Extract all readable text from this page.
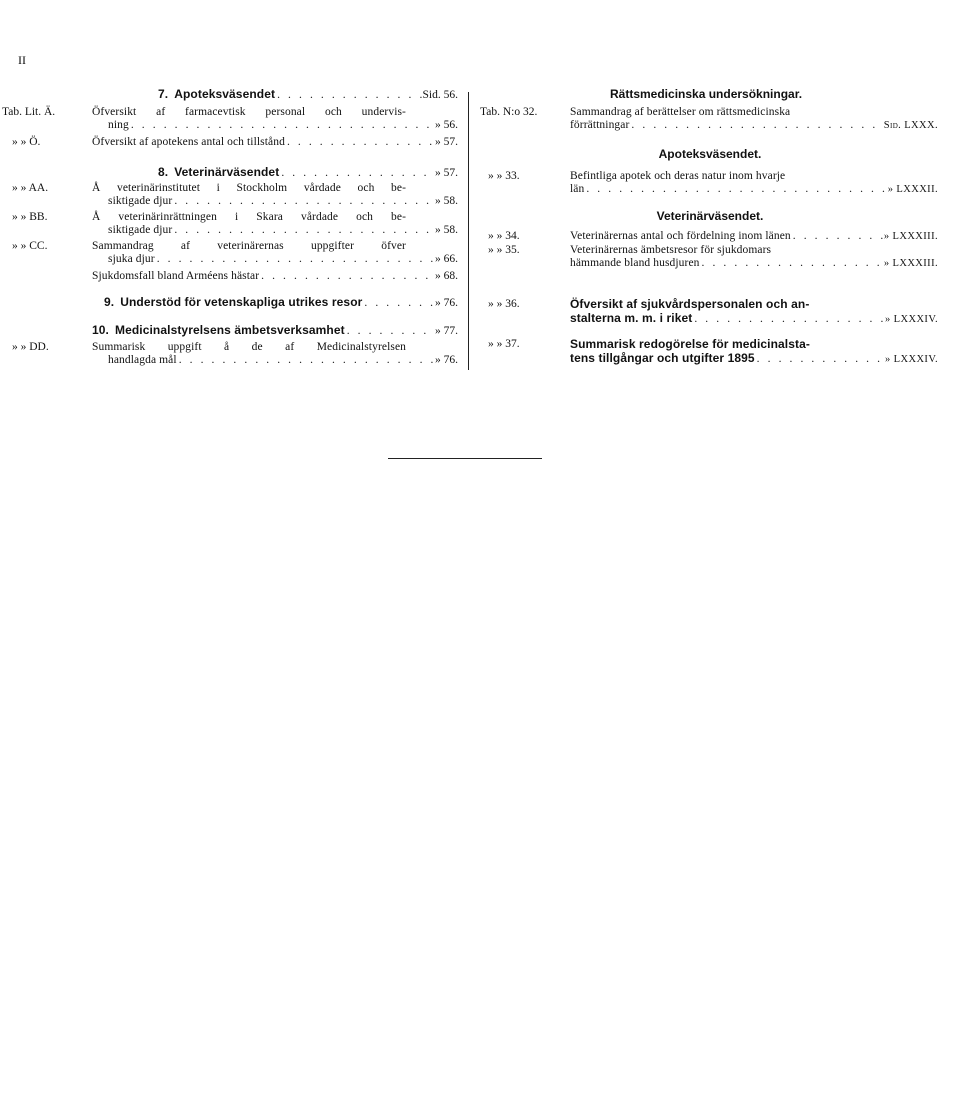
II
7. Apoteksväsendet . . .	Sid. 56.
Tab. Lit. Ä.	Öfversikt af farmacevtisk personal och undervis-
ning . . .	» 56.
» » Ö.	Öfversikt af apotekens antal och tillstånd . . .	» 57.
8. Veterinärväsendet . . .	» 57.
» » AA.	Å veterinärinstitutet i Stockholm vårdade och be-
siktigade djur . . .	» 58.
» » BB.	Å veterinärinrättningen i Skara vårdade och be-
siktigade djur . . .	» 58.
» » CC.	Sammandrag af veterinärernas uppgifter öfver
sjuka djur . . .	» 66.
Sjukdomsfall bland Arméens hästar . . .	» 68.
9. Understöd för vetenskapliga utrikes resor . . .	» 76.
10. Medicinalstyrelsens ämbetsverksamhet . . .	» 77.
» » DD.	Summarisk uppgift å de af Medicinalstyrelsen
handlagda mål . . .	» 76.
Rättsmedicinska undersökningar.
Tab. N:o 32.	Sammandrag af berättelser om rättsmedicinska
förrättningar . . .	Sid. LXXX.
Apoteksväsendet.
» » 33.	Befintliga apotek och deras natur inom hvarje
län . . .	» LXXXII.
Veterinärväsendet.
» » 34.	Veterinärernas antal och fördelning inom länen . . .	» LXXXIII.
» » 35.	Veterinärernas ämbetsresor för sjukdomars
hämmande bland husdjuren . . .	» LXXXIII.
» » 36.	Öfversikt af sjukvårdspersonalen och an-
stalterna m. m. i riket . . .	» LXXXIV.
» » 37.	Summarisk redogörelse för medicinalsta-
tens tillgångar och utgifter 1895 . . .	» LXXXIV.
